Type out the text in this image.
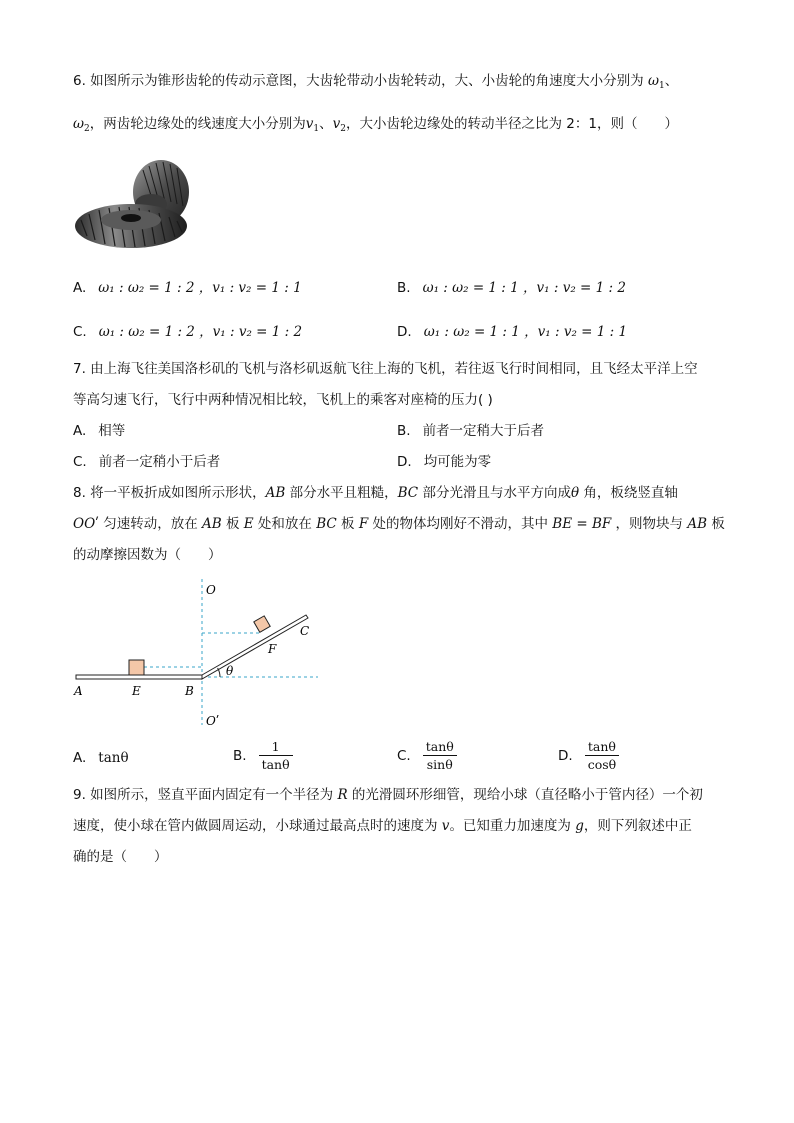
6. 如图所示为锥形齿轮的传动示意图，大齿轮带动小齿轮转动，大、小齿轮的角速度大小分别为 $\omega_1$、
$\omega_2$，两齿轮边缘处的线速度大小分别为$v_1$、$v_2$，大小齿轮边缘处的转动半径之比为 2：1，则（　　）
A. ω₁ : ω₂ = 1 : 2 ，v₁ : v₂ = 1 : 1	B. ω₁ : ω₂ = 1 : 1 ，v₁ : v₂ = 1 : 2
C. ω₁ : ω₂ = 1 : 2 ，v₁ : v₂ = 1 : 2	D. ω₁ : ω₂ = 1 : 1 ，v₁ : v₂ = 1 : 1
7. 由上海飞往美国洛杉矶的飞机与洛杉矶返航飞往上海的飞机，若往返飞行时间相同，且飞经太平洋上空
等高匀速飞行，飞行中两种情况相比较，飞机上的乘客对座椅的压力( )
A. 相等	B. 前者一定稍大于后者
C. 前者一定稍小于后者	D. 均可能为零
8. 将一平板折成如图所示形状，AB 部分水平且粗糙，BC 部分光滑且与水平方向成θ 角，板绕竖直轴
OOʹ 匀速转动，放在 AB 板 E 处和放在 BC 板 F 处的物体均刚好不滑动，其中 BE = BF ，则物块与 AB 板
的动摩擦因数为（　　）
O
Oʹ
A	E	B
F
C
θ
A. tanθ	B. $\frac{1}{\tan\theta}$	C. $\frac{\tan\theta}{\sin\theta}$	D. $\frac{\tan\theta}{\cos\theta}$
9. 如图所示，竖直平面内固定有一个半径为 R 的光滑圆环形细管，现给小球（直径略小于管内径）一个初
速度，使小球在管内做圆周运动，小球通过最高点时的速度为 v。已知重力加速度为 g，则下列叙述中正
确的是（　　）
